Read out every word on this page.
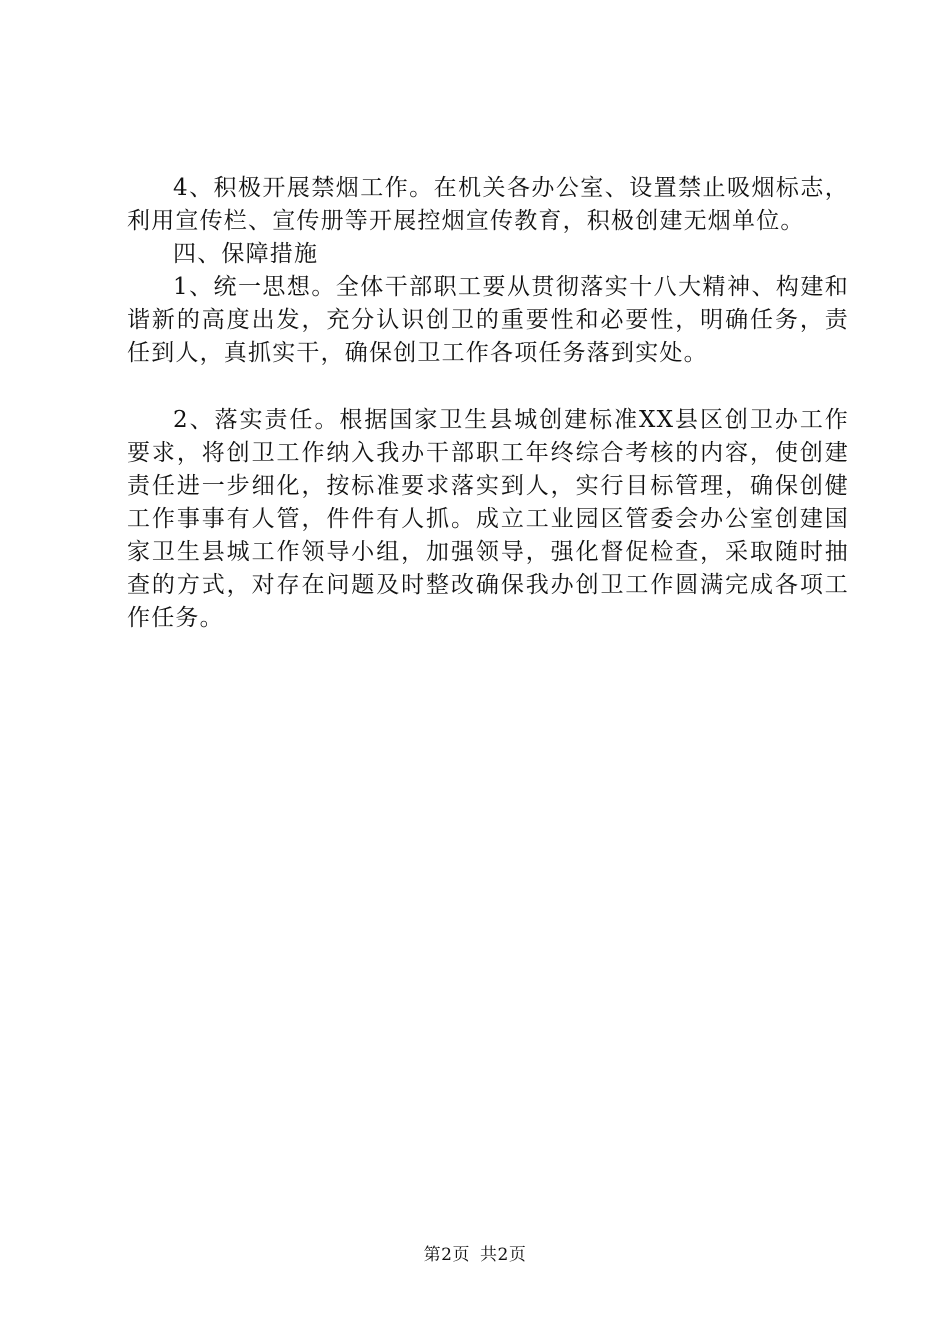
4、积极开展禁烟工作。在机关各办公室、设置禁止吸烟标志，利用宣传栏、宣传册等开展控烟宣传教育，积极创建无烟单位。

四、保障措施

1、统一思想。全体干部职工要从贯彻落实十八大精神、构建和谐新的高度出发，充分认识创卫的重要性和必要性，明确任务，责任到人，真抓实干，确保创卫工作各项任务落到实处。

2、落实责任。根据国家卫生县城创建标准XX县区创卫办工作要求，将创卫工作纳入我办干部职工年终综合考核的内容，使创建责任进一步细化，按标准要求落实到人，实行目标管理，确保创健工作事事有人管，件件有人抓。成立工业园区管委会办公室创建国家卫生县城工作领导小组，加强领导，强化督促检查，采取随时抽查的方式，对存在问题及时整改确保我办创卫工作圆满完成各项工作任务。

第2页 共2页
